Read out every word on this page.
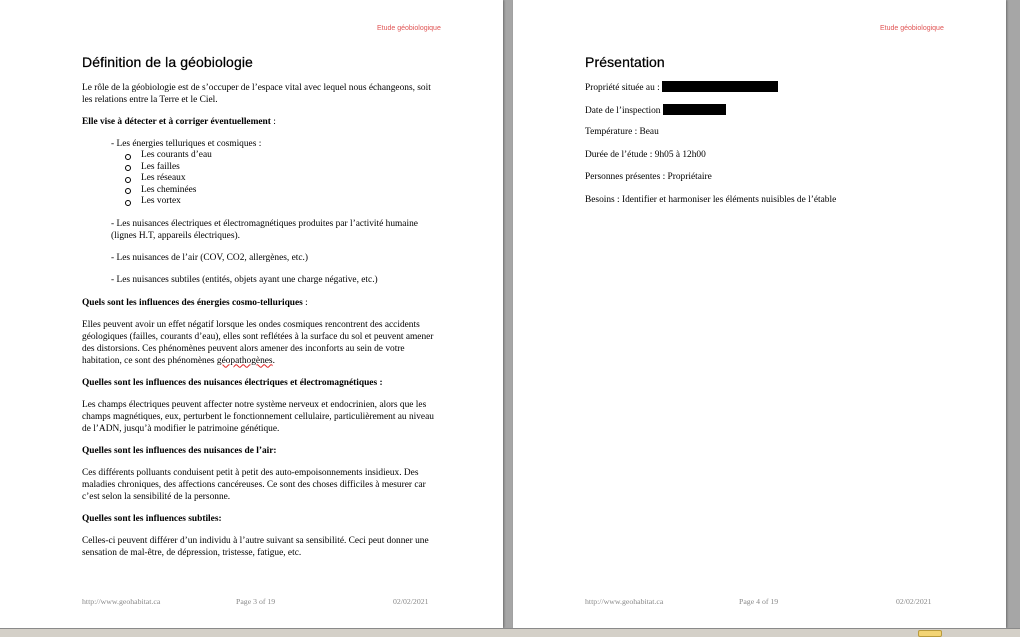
Etude géobiologique
Définition de la géobiologie

Le rôle de la géobiologie est de s’occuper de l’espace vital avec lequel nous échangeons, soit les relations entre la Terre et le Ciel.

Elle vise à détecter et à corriger éventuellement :

- Les énergies telluriques et cosmiques :

Les courants d’eau
Les failles
Les réseaux
Les cheminées
Les vortex

- Les nuisances électriques et électromagnétiques produites par l’activité humaine (lignes H.T, appareils électriques).

- Les nuisances de l’air (COV, CO2, allergènes, etc.)

- Les nuisances subtiles (entités, objets ayant une charge négative, etc.)

Quels sont les influences des énergies cosmo-telluriques :

Elles peuvent avoir un effet négatif lorsque les ondes cosmiques rencontrent des accidents géologiques (failles, courants d’eau), elles sont reflétées à la surface du sol et peuvent amener des distorsions. Ces phénomènes peuvent alors amener des inconforts au sein de votre habitation, ce sont des phénomènes géopathogènes.

Quelles sont les influences des nuisances électriques et électromagnétiques :

Les champs électriques peuvent affecter notre système nerveux et endocrinien, alors que les champs magnétiques, eux, perturbent le fonctionnement cellulaire, particulièrement au niveau de l’ADN, jusqu’à modifier le patrimoine génétique.

Quelles sont les influences des nuisances de l’air:

Ces différents polluants conduisent petit à petit des auto-empoisonnements insidieux. Des maladies chroniques, des affections cancéreuses. Ce sont des choses difficiles à mesurer car c’est selon la sensibilité de la personne.

Quelles sont les influences subtiles:

Celles-ci peuvent différer d’un individu à l’autre suivant sa sensibilité. Ceci peut donner une sensation de mal-être, de dépression, tristesse, fatigue, etc.

http://www.geohabitat.ca	Page 3 of 19	02/02/2021
Etude géobiologique
Présentation

Propriété située au :

Date de l’inspection

Température : Beau

Durée de l’étude : 9h05 à 12h00

Personnes présentes : Propriétaire

Besoins : Identifier et harmoniser les éléments nuisibles de l’étable

http://www.geohabitat.ca	Page 4 of 19	02/02/2021
